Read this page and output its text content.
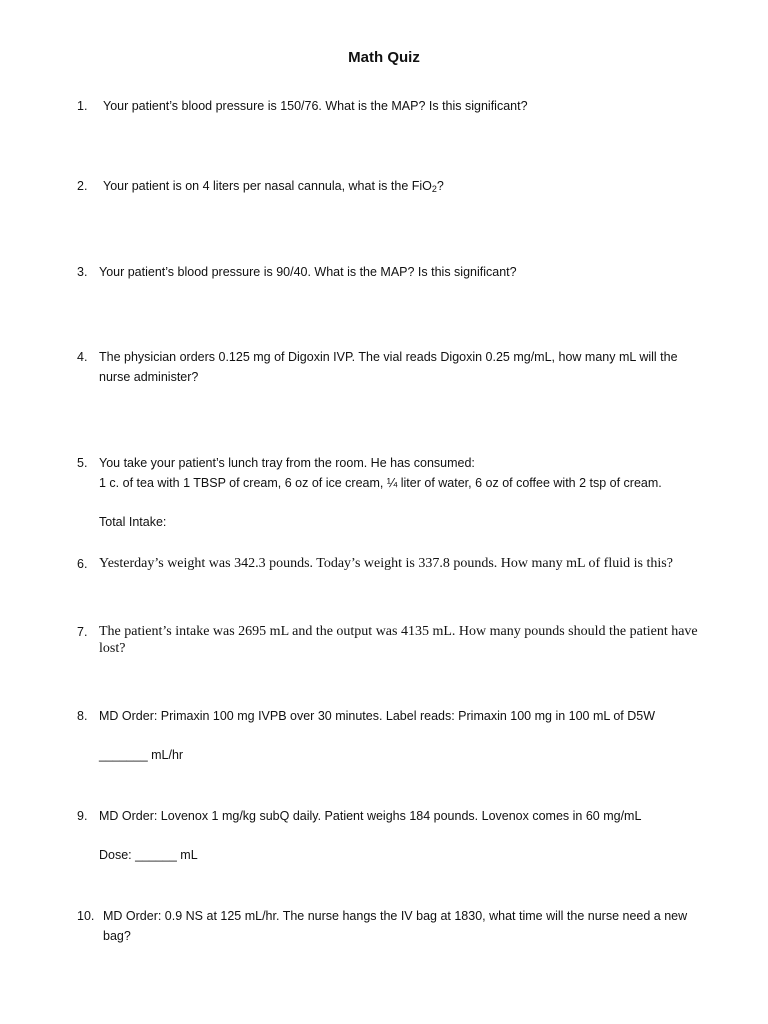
Math Quiz
1. Your patient’s blood pressure is 150/76. What is the MAP? Is this significant?
2. Your patient is on 4 liters per nasal cannula, what is the FiO2?
3. Your patient’s blood pressure is 90/40. What is the MAP? Is this significant?
4. The physician orders 0.125 mg of Digoxin IVP. The vial reads Digoxin 0.25 mg/mL, how many mL will the nurse administer?
5. You take your patient’s lunch tray from the room. He has consumed:
1 c. of tea with 1 TBSP of cream, 6 oz of ice cream, ¼ liter of water, 6 oz of coffee with 2 tsp of cream.
Total Intake:
6. Yesterday’s weight was 342.3 pounds. Today’s weight is 337.8 pounds. How many mL of fluid is this?
7. The patient’s intake was 2695 mL and the output was 4135 mL. How many pounds should the patient have lost?
8. MD Order: Primaxin 100 mg IVPB over 30 minutes. Label reads: Primaxin 100 mg in 100 mL of D5W
_______ mL/hr
9. MD Order: Lovenox 1 mg/kg subQ daily. Patient weighs 184 pounds. Lovenox comes in 60 mg/mL
Dose: ______ mL
10. MD Order: 0.9 NS at 125 mL/hr. The nurse hangs the IV bag at 1830, what time will the nurse need a new bag?
